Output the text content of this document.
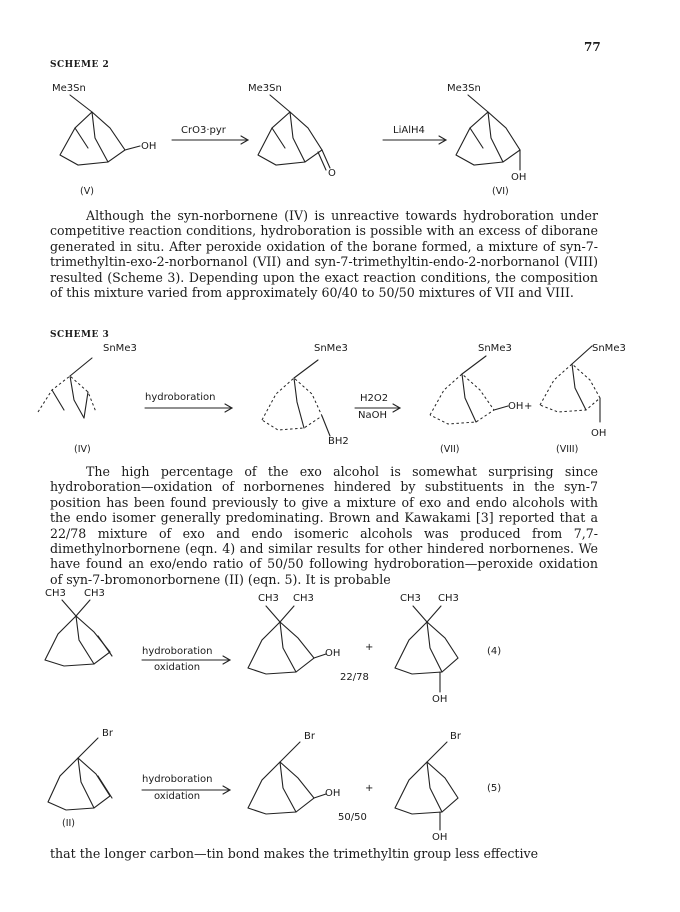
77
SCHEME 2
Me3Sn
OH
CrO3·pyr
Me3Sn
O
LiAlH4
Me3Sn
OH
(V)	(VI)
Although the syn-norbornene (IV) is unreactive towards hydroboration under competitive reaction conditions, hydroboration is possible with an excess of diborane generated in situ. After peroxide oxidation of the borane formed, a mixture of syn-7-trimethyltin-exo-2-norbornanol (VII) and syn-7-trimethyltin-endo-2-norbornanol (VIII) resulted (Scheme 3). Depending upon the exact reaction conditions, the composition of this mixture varied from approximately 60/40 to 50/50 mixtures of VII and VIII.
SCHEME 3
SnMe3
hydroboration
SnMe3
BH2
H2O2
NaOH
SnMe3
OH +
SnMe3
OH
(IV)	(VII)	(VIII)
The high percentage of the exo alcohol is somewhat surprising since hydroboration—oxidation of norbornenes hindered by substituents in the syn-7 position has been found previously to give a mixture of exo and endo alcohols with the endo isomer generally predominating. Brown and Kawakami [3] reported that a 22/78 mixture of exo and endo isomeric alcohols was produced from 7,7-dimethylnorbornene (eqn. 4) and similar results for other hindered norbornenes. We have found an exo/endo ratio of 50/50 following hydroboration—peroxide oxidation of syn-7-bromonorbornene (II) (eqn. 5). It is probable
CH3 CH3
hydroboration
oxidation
CH3 CH3
OH
+
22/78
CH3 CH3
OH
(4)
Br
hydroboration
oxidation
Br
OH +
50/50
Br
OH
(5)
(II)
that the longer carbon—tin bond makes the trimethyltin group less effective
